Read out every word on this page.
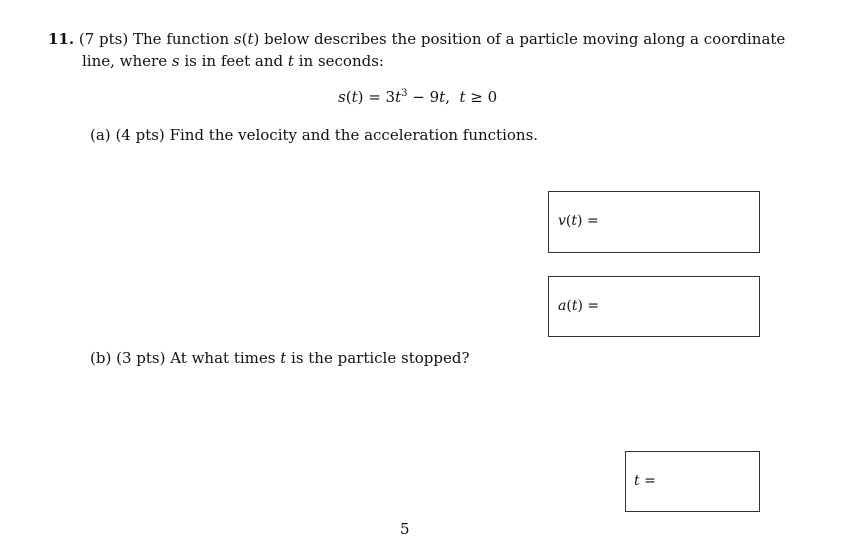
11. (7 pts) The function s(t) below describes the position of a particle moving along a coordinate
line, where s is in feet and t in seconds:
$s(t) = 3t^3 - 9t$,  t ≥ 0
(a) (4 pts) Find the velocity and the acceleration functions.
v(t) =
a(t) =
(b) (3 pts) At what times t is the particle stopped?
t =
5
